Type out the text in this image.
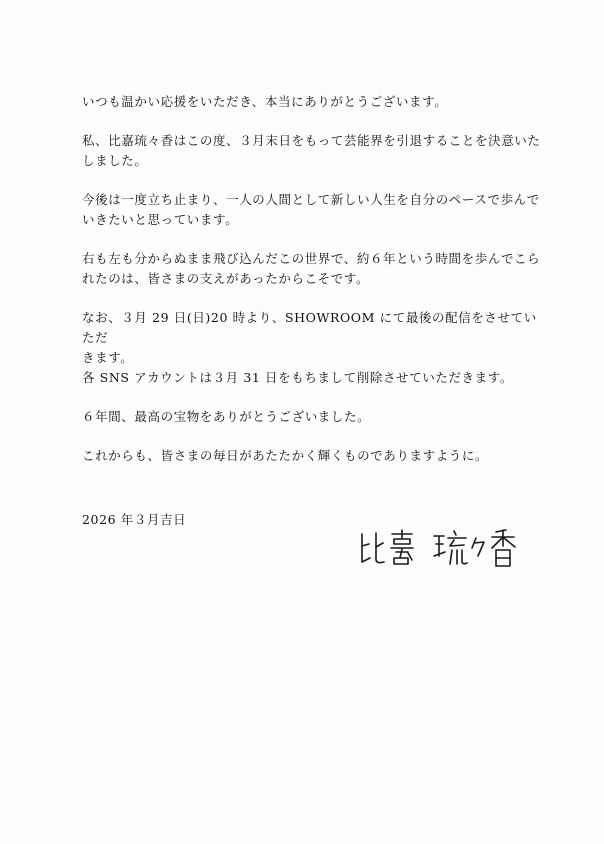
いつも温かい応援をいただき、本当にありがとうございます。

私、比嘉琉々香はこの度、３月末日をもって芸能界を引退することを決意いた
しました。

今後は一度立ち止まり、一人の人間として新しい人生を自分のペースで歩んで
いきたいと思っています。

右も左も分からぬまま飛び込んだこの世界で、約６年という時間を歩んでこら
れたのは、皆さまの支えがあったからこそです。

なお、３月 29 日(日)20 時より、SHOWROOM にて最後の配信をさせていただ
きます。

各 SNS アカウントは３月 31 日をもちまして削除させていただきます。

６年間、最高の宝物をありがとうございました。

これからも、皆さまの毎日があたたかく輝くものでありますように。

2026 年３月吉日
